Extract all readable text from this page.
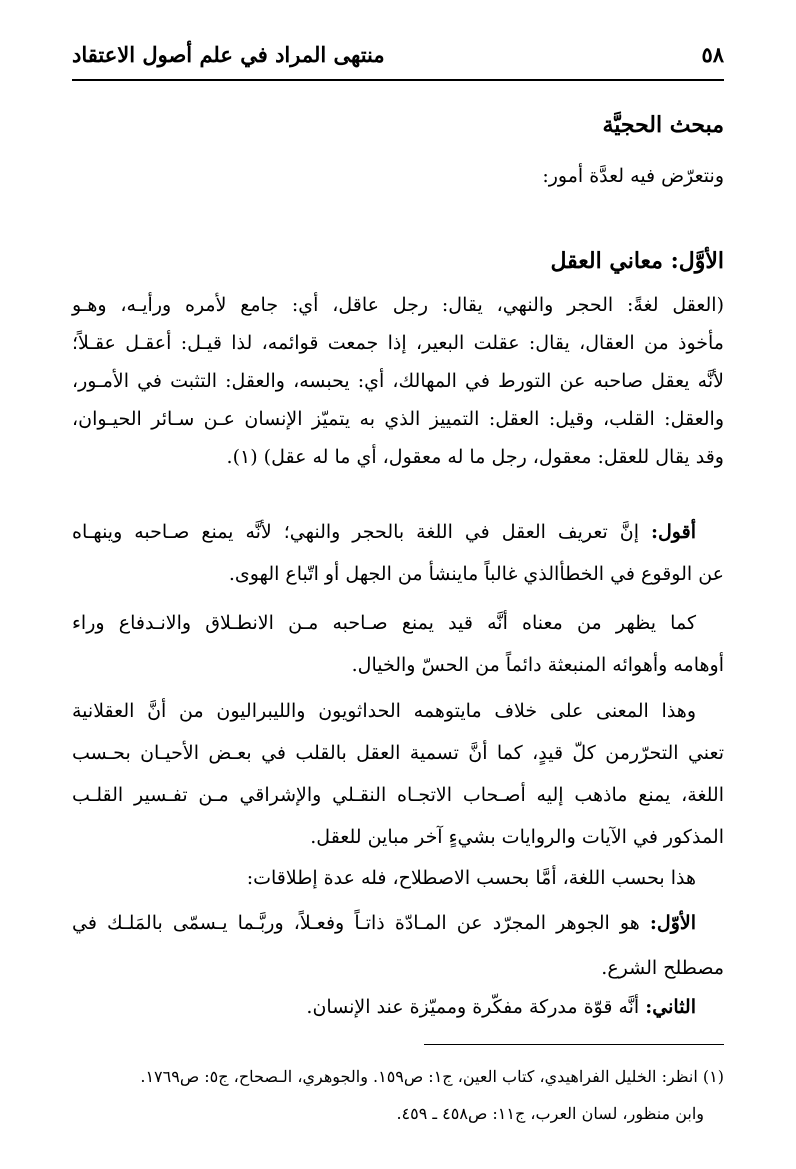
٥٨
منتهى المراد في علم أصول الاعتقاد
مبحث الحجيَّة
ونتعرّض فيه لعدَّة أمور:
الأوَّل: معاني العقل
(العقل لغةً: الحجر والنهي، يقال: رجل عاقل، أي: جامع لأمره ورأيـه، وهـو
مأخوذ من العقال، يقال: عقلت البعير، إذا جمعت قوائمه، لذا قيـل: أعقـل عقـلاً؛
لأنَّه يعقل صاحبه عن التورط في المهالك، أي: يحبسه، والعقل: التثبت في الأمـور،
والعقل: القلب، وقيل: العقل: التمييز الذي به يتميّز الإنسان عـن سـائر الحيـوان،
وقد يقال للعقل: معقول، رجل ما له معقول، أي ما له عقل) (١).
أقول: إنَّ تعريف العقل في اللغة بالحجر والنهي؛ لأنَّه يمنع صـاحبه وينهـاه
عن الوقوع في الخطأالذي غالباً ماينشأ من الجهل أو اتّباع الهوى.
كما يظهر من معناه أنَّه قيد يمنع صـاحبه مـن الانطـلاق والانـدفاع وراء
أوهامه وأهوائه المنبعثة دائماً من الحسّ والخيال.
وهذا المعنى على خلاف مايتوهمه الحداثويون والليبراليون من أنَّ العقلانية
تعني التحرّرمن كلّ قيدٍ، كما أنَّ تسمية العقل بالقلب في بعـض الأحيـان بحـسب
اللغة، يمنع ماذهب إليه أصـحاب الاتجـاه النقـلي والإشراقي مـن تفـسير القلـب
المذكور في الآيات والروايات بشيءٍ آخر مباين للعقل.
هذا بحسب اللغة، أمَّا بحسب الاصطلاح، فله عدة إطلاقات:
الأوّل: هو الجوهر المجرّد عن المـادّة ذاتـاً وفعـلاً، وربَّـما يـسمّى بالمَلـك في
مصطلح الشرع.
الثاني: أنَّه قوّة مدركة مفكّرة ومميّزة عند الإنسان.
(١) انظر: الخليل الفراهيدي، كتاب العين، ج١: ص١٥٩. والجوهري، الـصحاح، ج٥: ص١٧٦٩.
وابن منظور، لسان العرب، ج١١: ص٤٥٨ ـ ٤٥٩.
